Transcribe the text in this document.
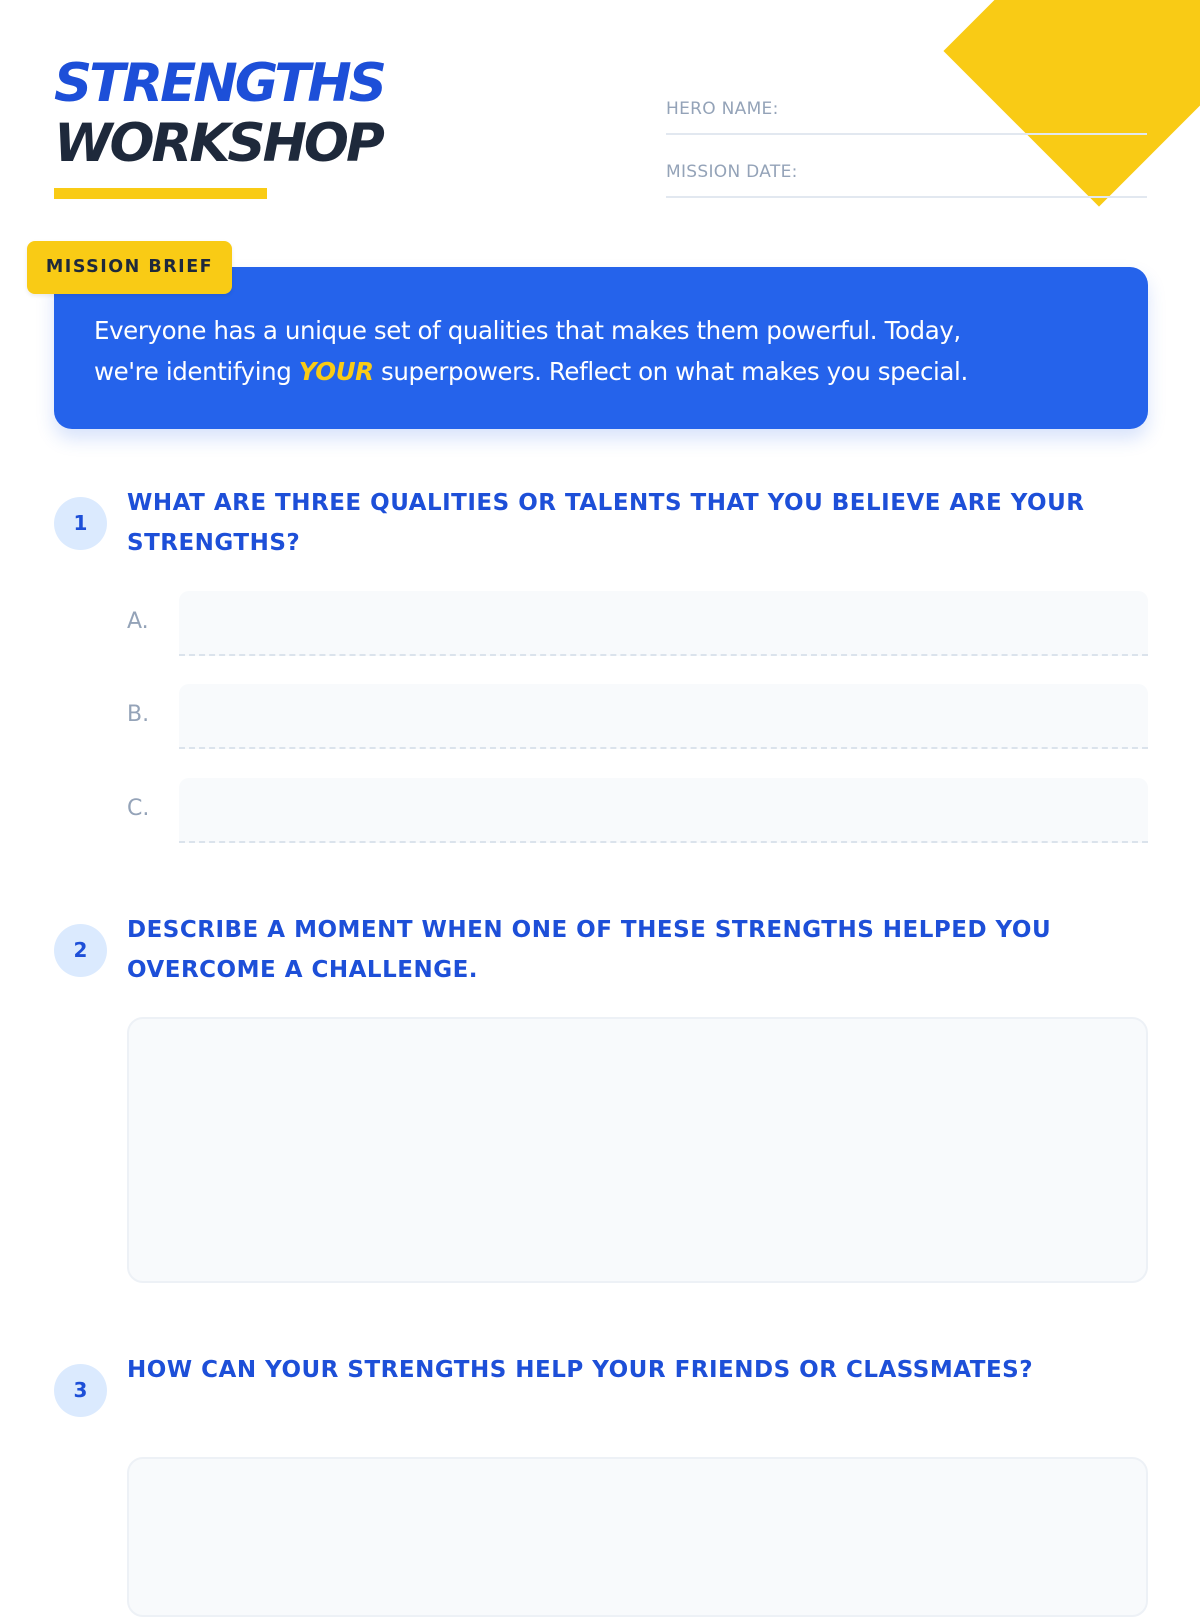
STRENGTHS
WORKSHOP
HERO NAME:
MISSION DATE:
Everyone has a unique set of qualities that makes them powerful. Today,
we're identifying YOUR superpowers. Reflect on what makes you special.
MISSION BRIEF
1

WHAT ARE THREE QUALITIES OR TALENTS THAT YOU BELIEVE ARE YOUR STRENGTHS?

A.
B.
C.
2

DESCRIBE A MOMENT WHEN ONE OF THESE STRENGTHS HELPED YOU OVERCOME A CHALLENGE.

3

HOW CAN YOUR STRENGTHS HELP YOUR FRIENDS OR CLASSMATES?
